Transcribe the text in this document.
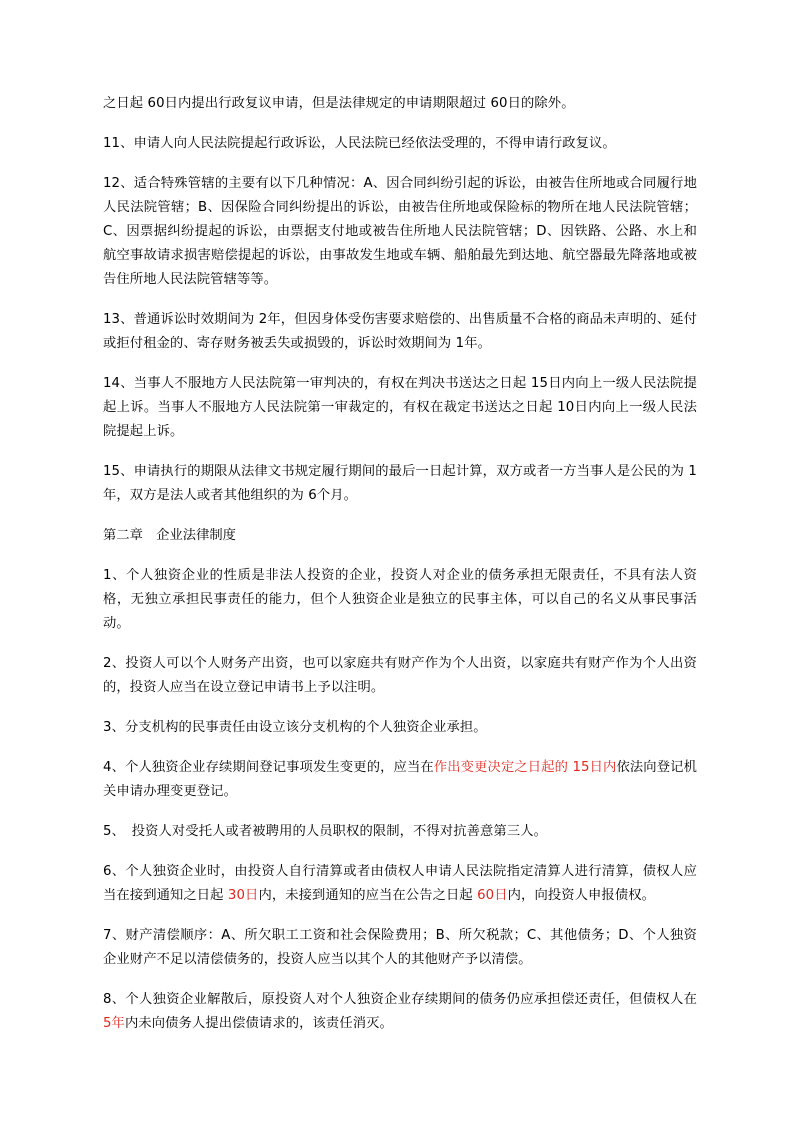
之日起 60日内提出行政复议申请，但是法律规定的申请期限超过 60日的除外。

11、申请人向人民法院提起行政诉讼，人民法院已经依法受理的，不得申请行政复议。

12、适合特殊管辖的主要有以下几种情况：A、因合同纠纷引起的诉讼，由被告住所地或合同履行地人民法院管辖；B、因保险合同纠纷提出的诉讼，由被告住所地或保险标的物所在地人民法院管辖；C、因票据纠纷提起的诉讼，由票据支付地或被告住所地人民法院管辖；D、因铁路、公路、水上和航空事故请求损害赔偿提起的诉讼，由事故发生地或车辆、船舶最先到达地、航空器最先降落地或被告住所地人民法院管辖等等。

13、普通诉讼时效期间为 2年，但因身体受伤害要求赔偿的、出售质量不合格的商品未声明的、延付或拒付租金的、寄存财务被丢失或损毁的，诉讼时效期间为 1年。

14、当事人不服地方人民法院第一审判决的，有权在判决书送达之日起 15日内向上一级人民法院提起上诉。当事人不服地方人民法院第一审裁定的，有权在裁定书送达之日起 10日内向上一级人民法院提起上诉。

15、申请执行的期限从法律文书规定履行期间的最后一日起计算，双方或者一方当事人是公民的为 1年，双方是法人或者其他组织的为 6个月。

第二章　企业法律制度

1、个人独资企业的性质是非法人投资的企业，投资人对企业的债务承担无限责任，不具有法人资格，无独立承担民事责任的能力，但个人独资企业是独立的民事主体，可以自己的名义从事民事活动。

2、投资人可以个人财务产出资，也可以家庭共有财产作为个人出资，以家庭共有财产作为个人出资的，投资人应当在设立登记申请书上予以注明。

3、分支机构的民事责任由设立该分支机构的个人独资企业承担。

4、个人独资企业存续期间登记事项发生变更的，应当在作出变更决定之日起的 15日内依法向登记机关申请办理变更登记。

5、　投资人对受托人或者被聘用的人员职权的限制，不得对抗善意第三人。

6、个人独资企业时，由投资人自行清算或者由债权人申请人民法院指定清算人进行清算，债权人应当在接到通知之日起 30日内，未接到通知的应当在公告之日起 60日内，向投资人申报债权。

7、财产清偿顺序：A、所欠职工工资和社会保险费用；B、所欠税款；C、其他债务；D、个人独资企业财产不足以清偿债务的，投资人应当以其个人的其他财产予以清偿。

8、个人独资企业解散后，原投资人对个人独资企业存续期间的债务仍应承担偿还责任，但债权人在 5年内未向债务人提出偿债请求的，该责任消灭。
